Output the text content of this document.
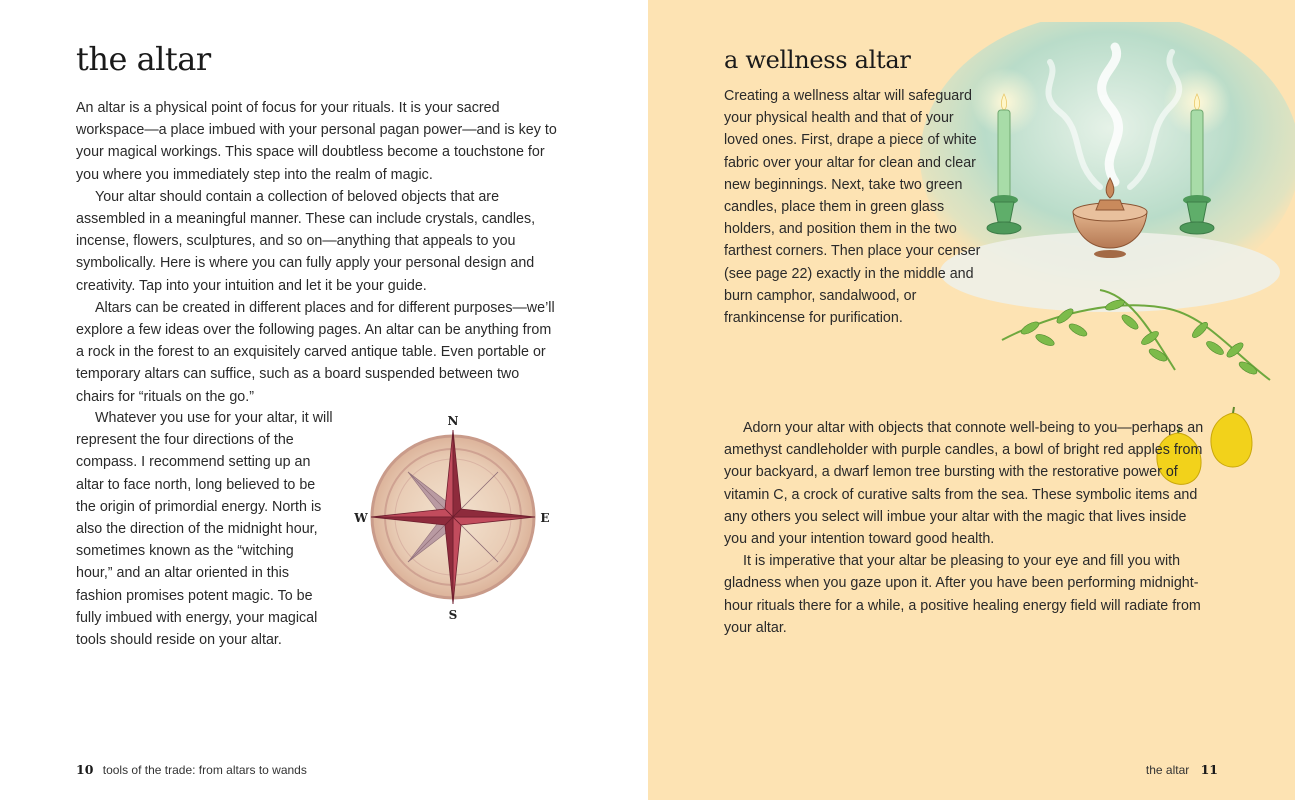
the altar

An altar is a physical point of focus for your rituals. It is your sacred workspace—a place imbued with your personal pagan power—and is key to your magical workings. This space will doubtless become a touchstone for you where you immediately step into the realm of magic.

Your altar should contain a collection of beloved objects that are assembled in a meaningful manner. These can include crystals, candles, incense, flowers, sculptures, and so on—anything that appeals to you symbolically. Here is where you can fully apply your personal design and creativity. Tap into your intuition and let it be your guide.

Altars can be created in different places and for different purposes—we’ll explore a few ideas over the following pages. An altar can be anything from a rock in the forest to an exquisitely carved antique table. Even portable or temporary altars can suffice, such as a board suspended between two chairs for “rituals on the go.”

Whatever you use for your altar, it will represent the four directions of the compass. I recommend setting up an altar to face north, long believed to be the origin of primordial energy. North is also the direction of the midnight hour, sometimes known as the “witching hour,” and an altar oriented in this fashion promises potent magic. To be fully imbued with energy, your magical tools should reside on your altar.

N
E
S
W
10 tools of the trade: from altars to wands
a wellness altar

Creating a wellness altar will safeguard your physical health and that of your loved ones. First, drape a piece of white fabric over your altar for clean and clear new beginnings. Next, take two green candles, place them in green glass holders, and position them in the two farthest corners. Then place your censer (see page 22) exactly in the middle and burn camphor, sandalwood, or frankincense for purification.

Adorn your altar with objects that connote well-being to you—perhaps an amethyst candleholder with purple candles, a bowl of bright red apples from your backyard, a dwarf lemon tree bursting with the restorative power of vitamin C, a crock of curative salts from the sea. These symbolic items and any others you select will imbue your altar with the magic that lives inside you and your intention toward good health.

It is imperative that your altar be pleasing to your eye and fill you with gladness when you gaze upon it. After you have been performing midnight-hour rituals there for a while, a positive healing energy field will radiate from your altar.

the altar 11
